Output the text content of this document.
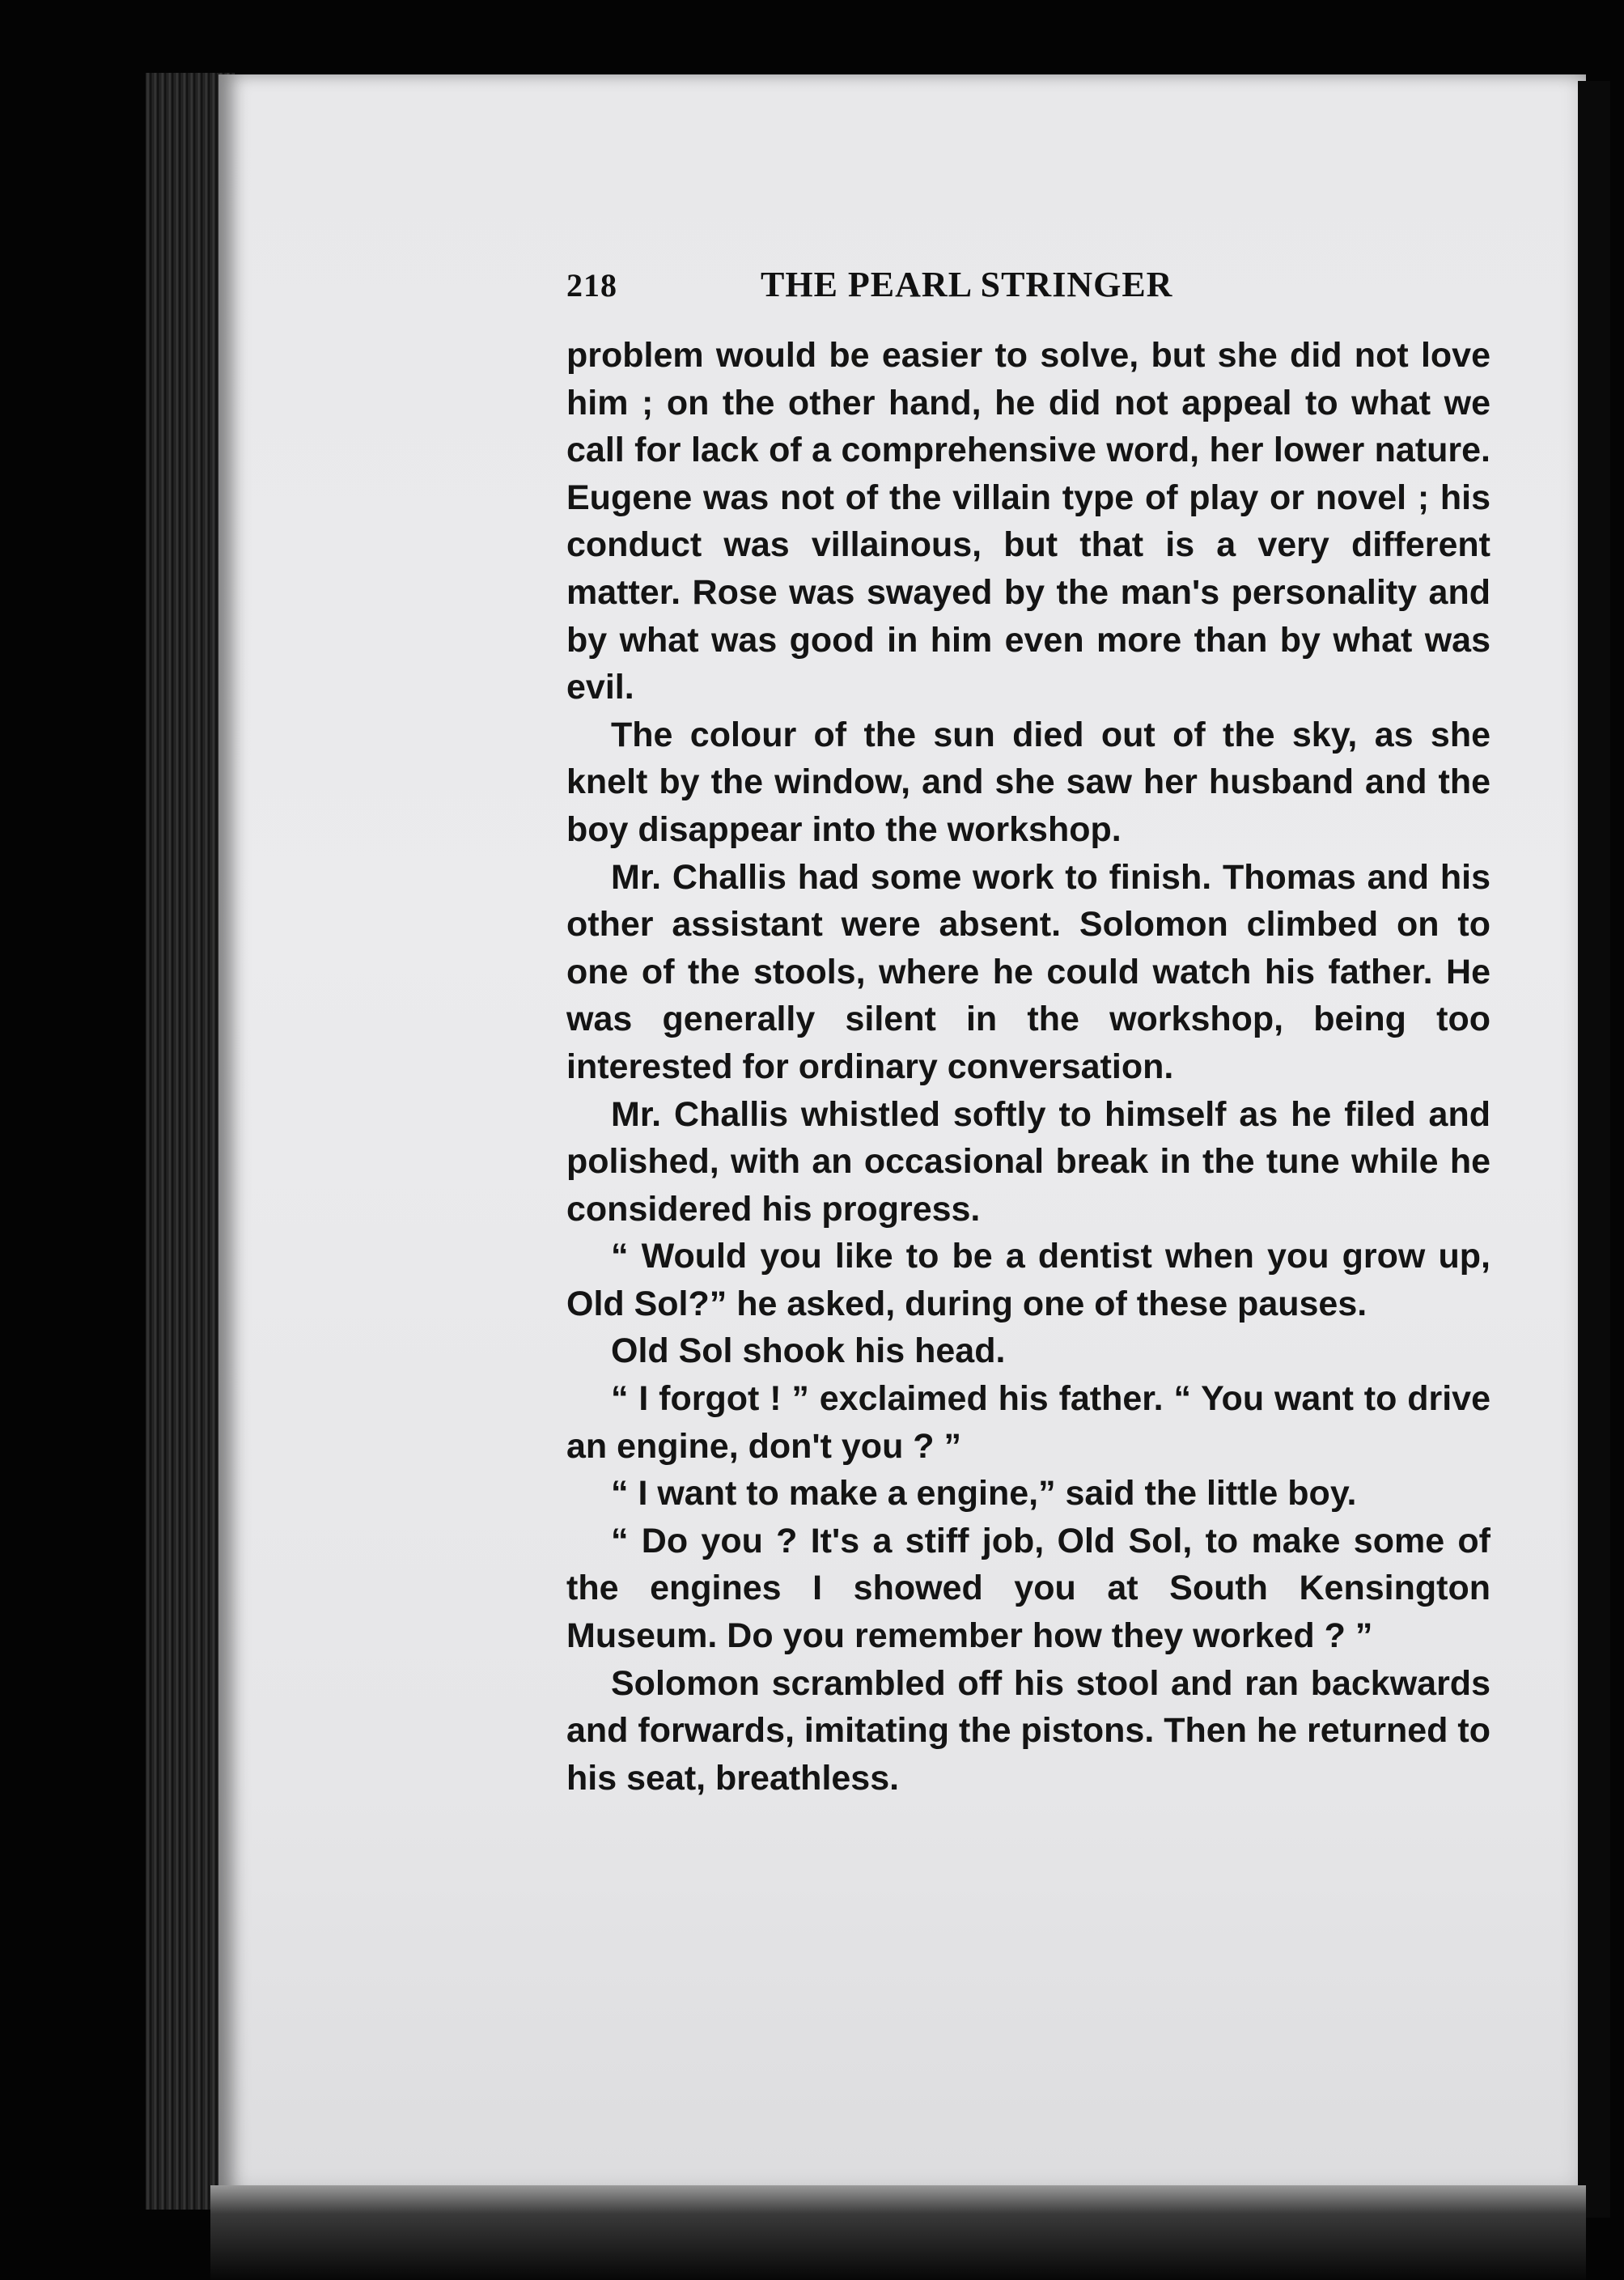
218	THE PEARL STRINGER

problem would be easier to solve, but she did not love him ; on the other hand, he did not appeal to what we call for lack of a comprehensive word, her lower nature. Eugene was not of the villain type of play or novel ; his conduct was villainous, but that is a very different matter. Rose was swayed by the man's personality and by what was good in him even more than by what was evil.

The colour of the sun died out of the sky, as she knelt by the window, and she saw her husband and the boy disappear into the workshop.

Mr. Challis had some work to finish. Thomas and his other assistant were absent. Solomon climbed on to one of the stools, where he could watch his father. He was generally silent in the workshop, being too interested for ordinary conversation.

Mr. Challis whistled softly to himself as he filed and polished, with an occasional break in the tune while he considered his progress.

“ Would you like to be a dentist when you grow up, Old Sol?” he asked, during one of these pauses.

Old Sol shook his head.

“ I forgot ! ” exclaimed his father. “ You want to drive an engine, don't you ? ”

“ I want to make a engine,” said the little boy.

“ Do you ? It's a stiff job, Old Sol, to make some of the engines I showed you at South Kensington Museum. Do you remember how they worked ? ”

Solomon scrambled off his stool and ran backwards and forwards, imitating the pistons. Then he returned to his seat, breathless.
